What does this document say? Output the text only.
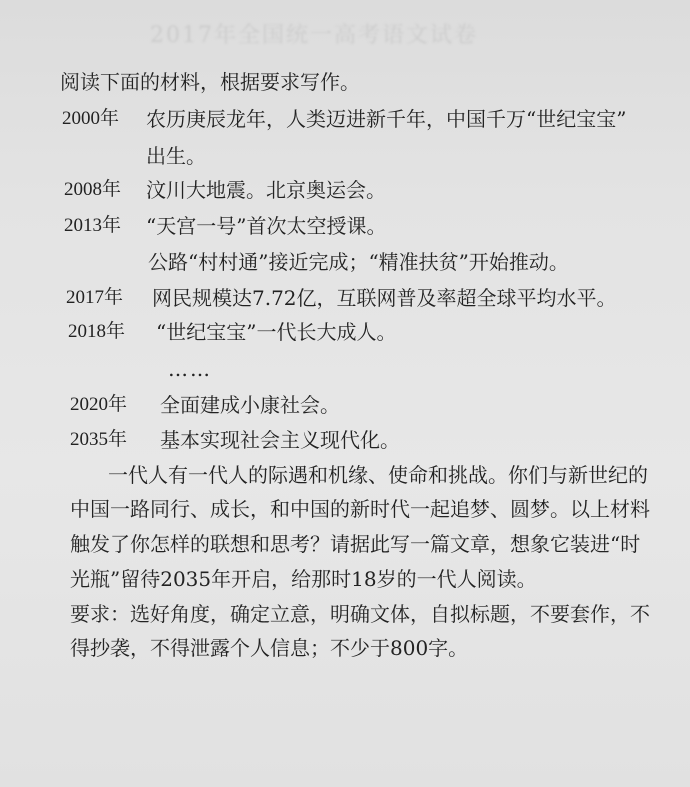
2017年全国统一高考语文试卷
阅读下面的材料，根据要求写作。
2000年 农历庚辰龙年，人类迈进新千年，中国千万“世纪宝宝”
出生。
2008年 汶川大地震。北京奥运会。
2013年 “天宫一号”首次太空授课。
公路“村村通”接近完成；“精准扶贫”开始推动。
2017年 网民规模达7.72亿，互联网普及率超全球平均水平。
2018年 “世纪宝宝”一代长大成人。
……
2020年 全面建成小康社会。
2035年 基本实现社会主义现代化。
一代人有一代人的际遇和机缘、使命和挑战。你们与新世纪的
中国一路同行、成长，和中国的新时代一起追梦、圆梦。以上材料
触发了你怎样的联想和思考？请据此写一篇文章，想象它装进“时
光瓶”留待2035年开启，给那时18岁的一代人阅读。
要求：选好角度，确定立意，明确文体，自拟标题，不要套作，不
得抄袭，不得泄露个人信息；不少于800字。
